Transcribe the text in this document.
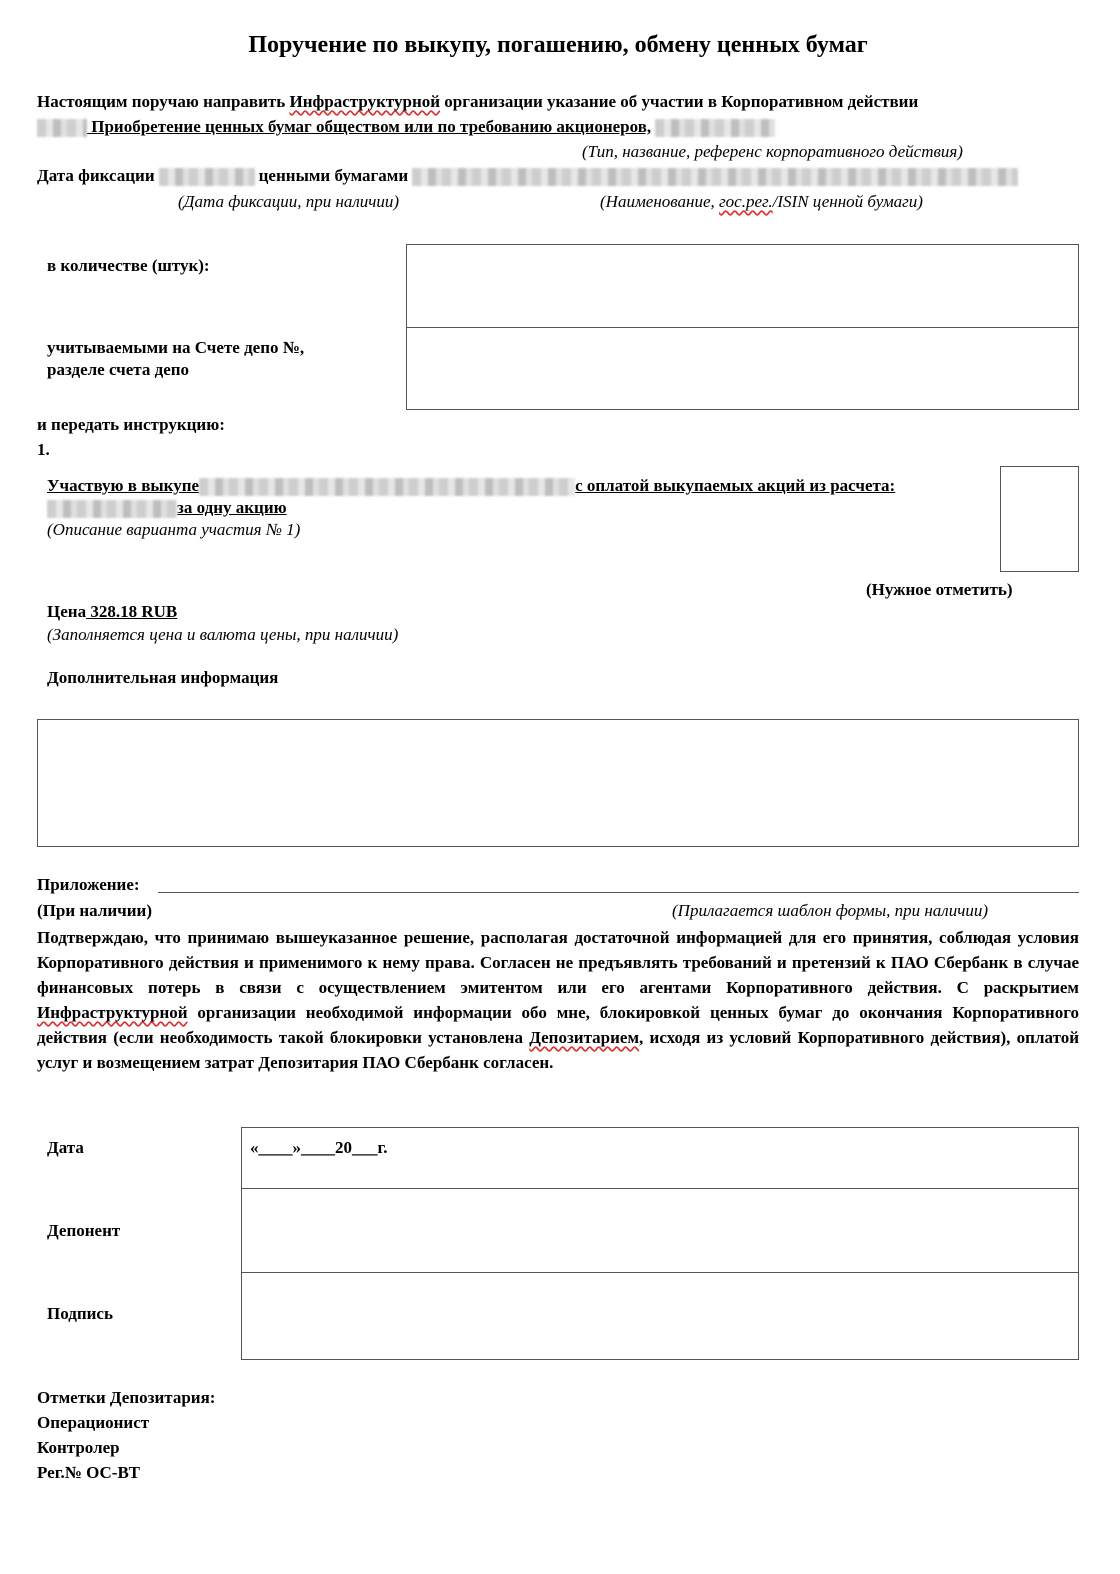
Поручение по выкупу, погашению, обмену ценных бумаг
Настоящим поручаю направить Инфраструктурной организации указание об участии в Корпоративном действии
Приобретение ценных бумаг обществом или по требованию акционеров,
(Тип, название, референс корпоративного действия)
Дата фиксации	ценными бумагами
(Дата фиксации, при наличии)	(Наименование, гос.рег./ISIN ценной бумаги)
в количестве (штук):
учитываемыми на Счете депо №,
разделе счета депо
и передать инструкцию:
1.
Участвую в выкупе	с оплатой выкупаемых акций из расчета:
за одну акцию
(Описание варианта участия № 1)
(Нужное отметить)
Цена 328.18 RUB
(Заполняется цена и валюта цены, при наличии)
Дополнительная информация
Приложение:
(При наличии)	(Прилагается шаблон формы, при наличии)
Подтверждаю, что принимаю вышеуказанное решение, располагая достаточной информацией для его принятия, соблюдая условия Корпоративного действия и применимого к нему права. Согласен не предъявлять требований и претензий к ПАО Сбербанк в случае финансовых потерь в связи с осуществлением эмитентом или его агентами Корпоративного действия. С раскрытием Инфраструктурной организации необходимой информации обо мне, блокировкой ценных бумаг до окончания Корпоративного действия (если необходимость такой блокировки установлена Депозитарием, исходя из условий Корпоративного действия), оплатой услуг и возмещением затрат Депозитария ПАО Сбербанк согласен.
Дата	«____»____20___г.
Депонент
Подпись
Отметки Депозитария:
Операционист
Контролер
Рег.№ ОС-ВТ
